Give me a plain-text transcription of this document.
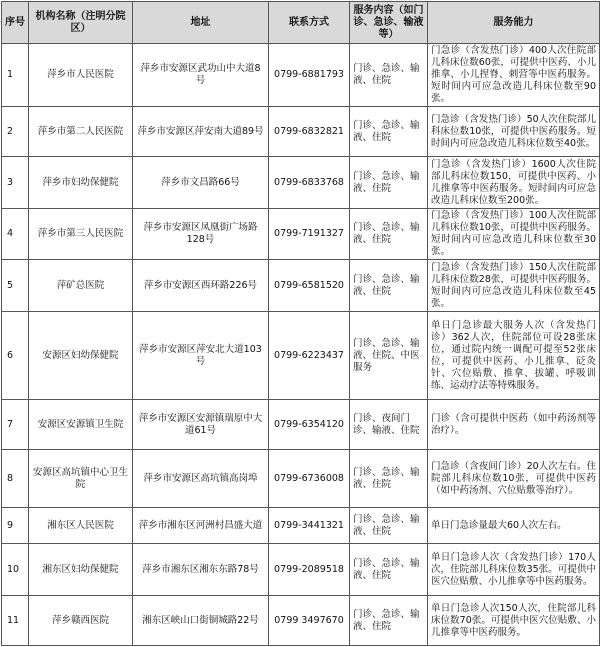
序号	机构名称（注明分院区）	地址	联系方式	服务内容（如门诊、急诊、输液等）	服务能力
1	萍乡市人民医院	萍乡市安源区武功山中大道8号	0799-6881793	门诊、急诊、输液、住院	门急诊（含发热门诊）400人次住院部儿科床位数60张，可提供中医药、小儿推拿、小儿捏脊、刺营等中医药服务。短时间内可应急改造儿科床位数至90张。
2	萍乡市第二人民医院	萍乡市安源区萍安南大道89号	0799-6832821	门诊、急诊、输液、住院	门急诊（含发热门诊）50人次住院部儿科床位数10张，可提供中医药服务。短时间内可应急改造儿科床位数至40张。
3	萍乡市妇幼保健院	萍乡市文昌路66号	0799-6833768	门诊、急诊、输液、住院	门急诊（含发热门诊）1600人次住院部儿科床位数150，可提供中医药、小儿推拿等中医药服务。短时间内可应急改造儿科床位数至200张。
4	萍乡市第三人民医院	萍乡市安源区凤凰街广场路128号	0799-7191327	门诊、急诊、输液、住院	门急诊（含发热门诊）100人次住院部儿科床位数10张，可提供中医药服务。短时间内可应急改造儿科床位数至30张。
5	萍矿总医院	萍乡市安源区西环路226号	0799-6581520	门诊、急诊、输液、住院	门急诊（含发热门诊）150人次住院部儿科床位数28张，可提供中医药服务。短时间内可应急改造儿科床位数至45张。
6	安源区妇幼保健院	萍乡市安源区萍安北大道103号	0799-6223437	门诊、急诊、输液、住院、中医服务	单日门急诊最大服务人次（含发热门诊）362人次，住院部位可设28张床位，通过院内统一调配可提至52张床位，可提供中医药、小儿推拿、砭灸针、穴位贴敷、推拿、拔罐、呼吸训练、运动疗法等特殊服务。
7	安源区安源镇卫生院	萍乡市安源区安源镇瑞原中大道61号	0799-6354120	门诊、夜间门诊、输液、住院	门诊（含可提供中医药（如中药汤剂等治疗）。
8	安源区高坑镇中心卫生院	萍乡市安源区高坑镇高岗埠	0799-6736008	门诊、急诊、输液、住院	门急诊（含夜间门诊）20人次左右。住院部儿科床位数10张，可提供中医药（如中药汤剂、穴位贴敷等治疗）。
9	湘东区人民医院	萍乡市湘东区河洲村昌盛大道	0799-3441321	门诊、急诊、输液、住院	单日门急诊量最大60人次左右。
10	湘东区妇幼保健院	萍乡市湘东区湘东东路78号	0799-2089518	门诊、急诊、输液、住院	单日门急诊人次（含发热门诊）170人次，住院部儿科床位数35张。可提供中医穴位贴敷、小儿推拿等中医药服务。
11	萍乡赣西医院	湘东区峡山口街铜城路22号	0799 3497670	门诊、急诊、输液、住院	单日门急诊人次150人次，住院部儿科床位数70张。可提供中医穴位贴敷、小儿推拿等中医药服务。
